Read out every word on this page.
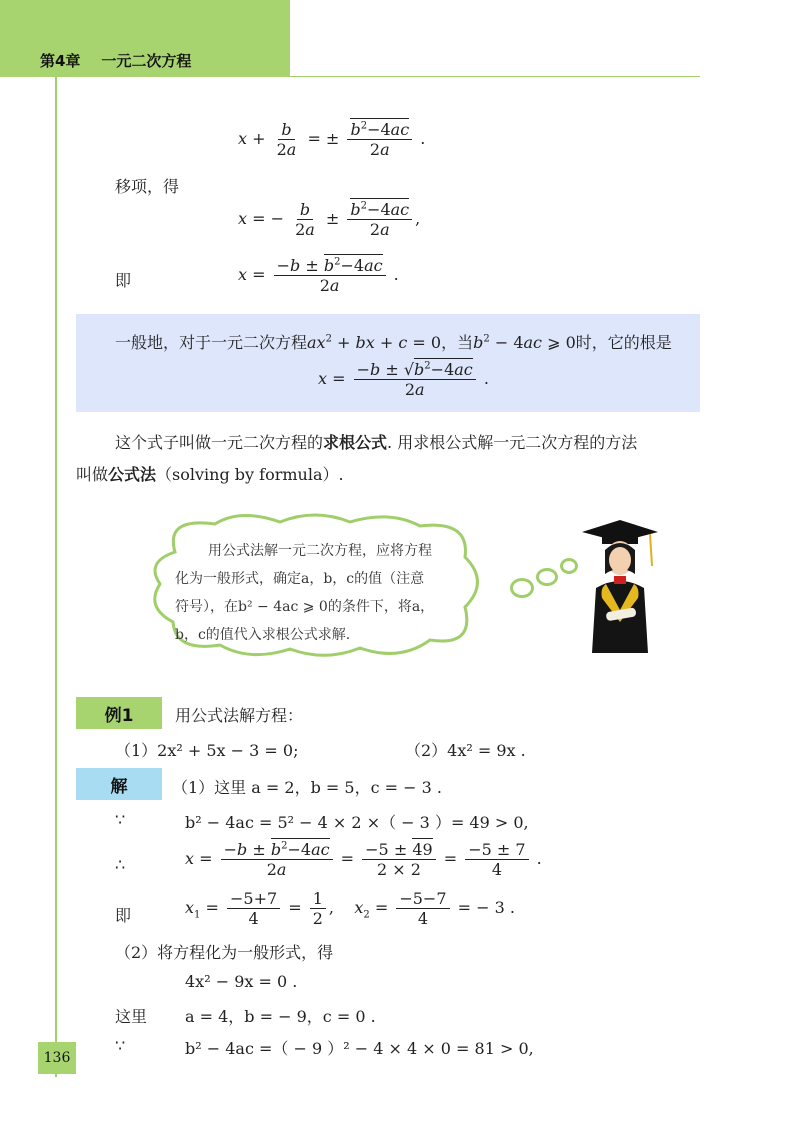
第4章 一元二次方程
$x + \frac{b}{2a}$ = ± $\frac{b^2-4ac}{2a}$ .
移项，得
x = − $\frac{b}{2a} \pm \frac{b^2-4ac}{2a}$ ,
即	$x = \frac{-b \pm b^2-4ac}{2a}$ .
一般地，对于一元二次方程$ax^2$ + bx + c = 0，当$b^2 - 4ac$ ⩾ 0时，它的根是
$x = \frac{-b \pm √b^2-4ac}{2a}$ .
这个式子叫做一元二次方程的求根公式. 用求根公式解一元二次方程的方法
叫做公式法（solving by formula）.
用公式法解一元二次方程，应将方程
化为一般形式，确定a，b，c的值（注意
符号），在b² − 4ac ⩾ 0的条件下，将a，
b，c的值代入求根公式求解.
例1	用公式法解方程：
（1）2x² + 5x − 3 = 0;	（2）4x² = 9x .
解	（1）这里 a = 2，b = 5，c = − 3 .
∵	b² − 4ac = 5² − 4 × 2 ×（ − 3 ）= 49 > 0,
∴	$x = \frac{-b \pm b^2-4ac}{2a} = \frac{-5 \pm 49}{2 \times 2} = \frac{-5 \pm 7}{4}$ .
即	$x_1 = \frac{-5+7}{4} = \frac{1}{2}$ ,    $x_2 = \frac{-5-7}{4}$ = − 3 .
（2）将方程化为一般形式，得
4x² − 9x = 0 .
这里 a = 4，b = − 9，c = 0 .
∵	b² − 4ac =（ − 9 ）² − 4 × 4 × 0 = 81 > 0,
136
